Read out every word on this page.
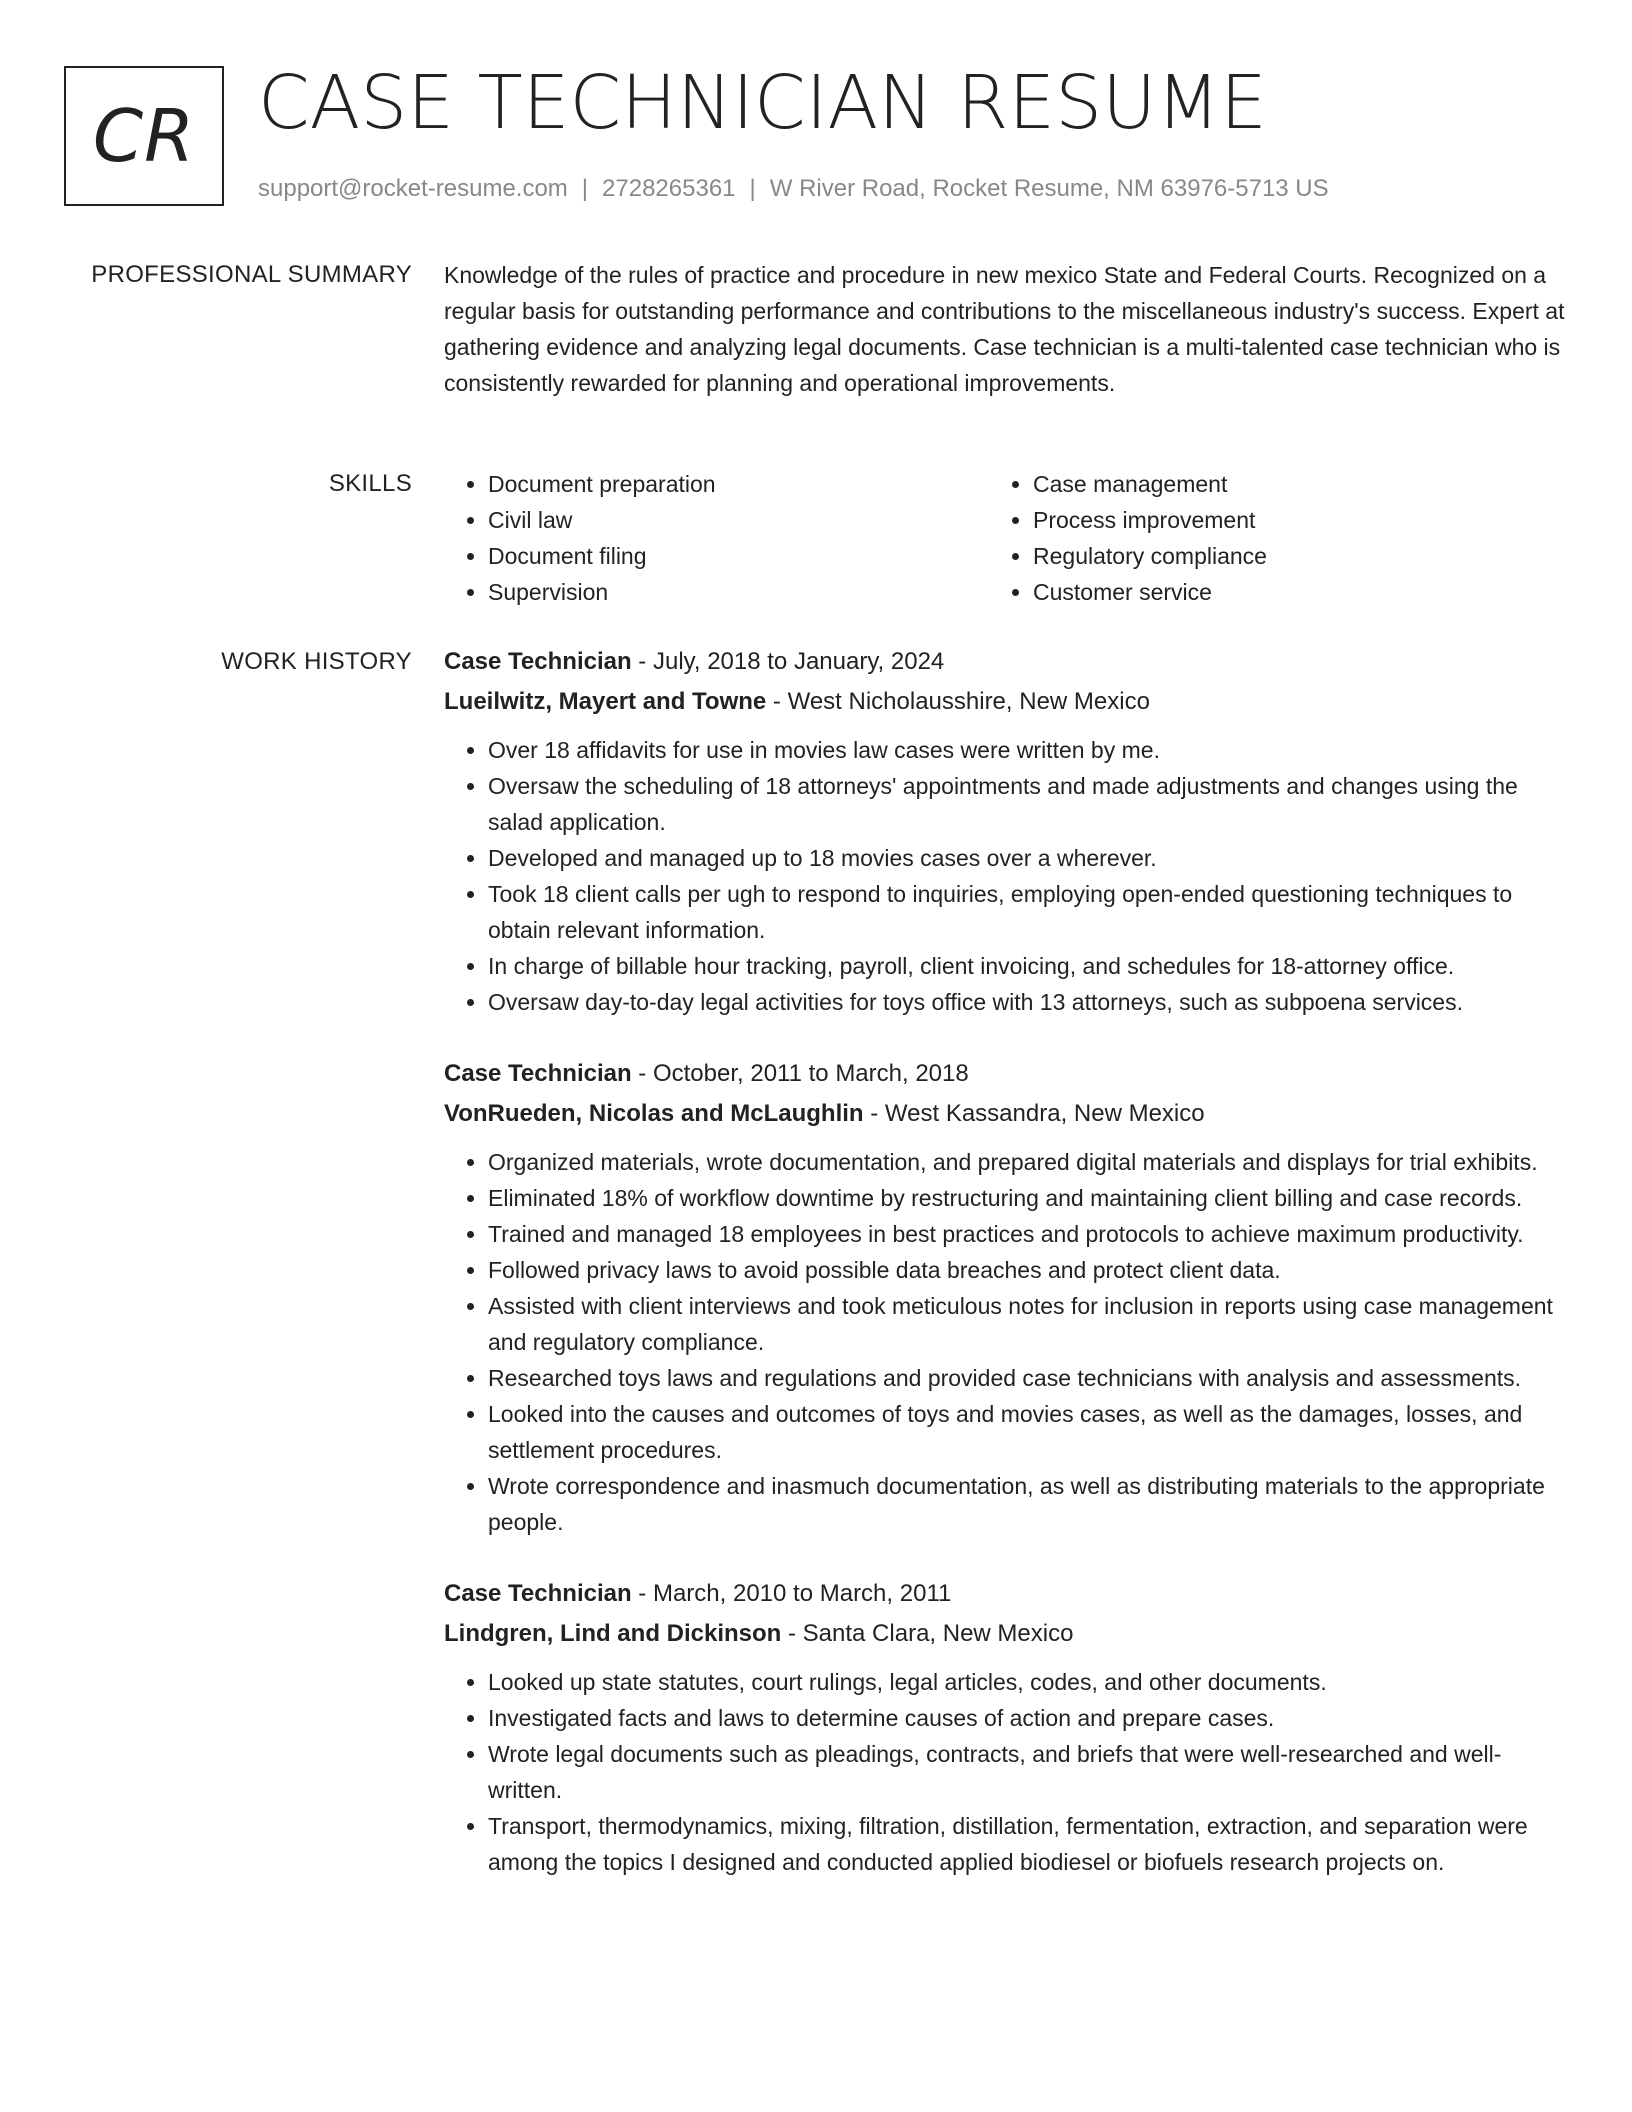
CR CASE TECHNICIAN RESUME
support@rocket-resume.com | 2728265361 | W River Road, Rocket Resume, NM 63976-5713 US
PROFESSIONAL SUMMARY Knowledge of the rules of practice and procedure in new mexico State and Federal Courts. Recognized on a regular basis for outstanding performance and contributions to the miscellaneous industry's success. Expert at gathering evidence and analyzing legal documents. Case technician is a multi-talented case technician who is consistently rewarded for planning and operational improvements.
SKILLS
•	Document preparation
• Civil law
• Document filing
• Supervision
• Case management
• Process improvement
• Regulatory compliance
• Customer service
WORK HISTORY Case Technician - July, 2018 to January, 2024
Lueilwitz, Mayert and Towne - West Nicholausshire, New Mexico
• Over 18 affidavits for use in movies law cases were written by me.
• Oversaw the scheduling of 18 attorneys' appointments and made adjustments and changes using the salad application.
• Developed and managed up to 18 movies cases over a wherever.
• Took 18 client calls per ugh to respond to inquiries, employing open-ended questioning techniques to obtain relevant information.
• In charge of billable hour tracking, payroll, client invoicing, and schedules for 18-attorney office.
• Oversaw day-to-day legal activities for toys office with 13 attorneys, such as subpoena services.
Case Technician - October, 2011 to March, 2018
VonRueden, Nicolas and McLaughlin - West Kassandra, New Mexico
• Organized materials, wrote documentation, and prepared digital materials and displays for trial exhibits.
• Eliminated 18% of workflow downtime by restructuring and maintaining client billing and case records.
• Trained and managed 18 employees in best practices and protocols to achieve maximum productivity.
• Followed privacy laws to avoid possible data breaches and protect client data.
• Assisted with client interviews and took meticulous notes for inclusion in reports using case management and regulatory compliance.
• Researched toys laws and regulations and provided case technicians with analysis and assessments.
• Looked into the causes and outcomes of toys and movies cases, as well as the damages, losses, and settlement procedures.
• Wrote correspondence and inasmuch documentation, as well as distributing materials to the appropriate people.
Case Technician - March, 2010 to March, 2011
Lindgren, Lind and Dickinson - Santa Clara, New Mexico
• Looked up state statutes, court rulings, legal articles, codes, and other documents.
• Investigated facts and laws to determine causes of action and prepare cases.
• Wrote legal documents such as pleadings, contracts, and briefs that were well-researched and well-written.
• Transport, thermodynamics, mixing, filtration, distillation, fermentation, extraction, and separation were among the topics I designed and conducted applied biodiesel or biofuels research projects on.
